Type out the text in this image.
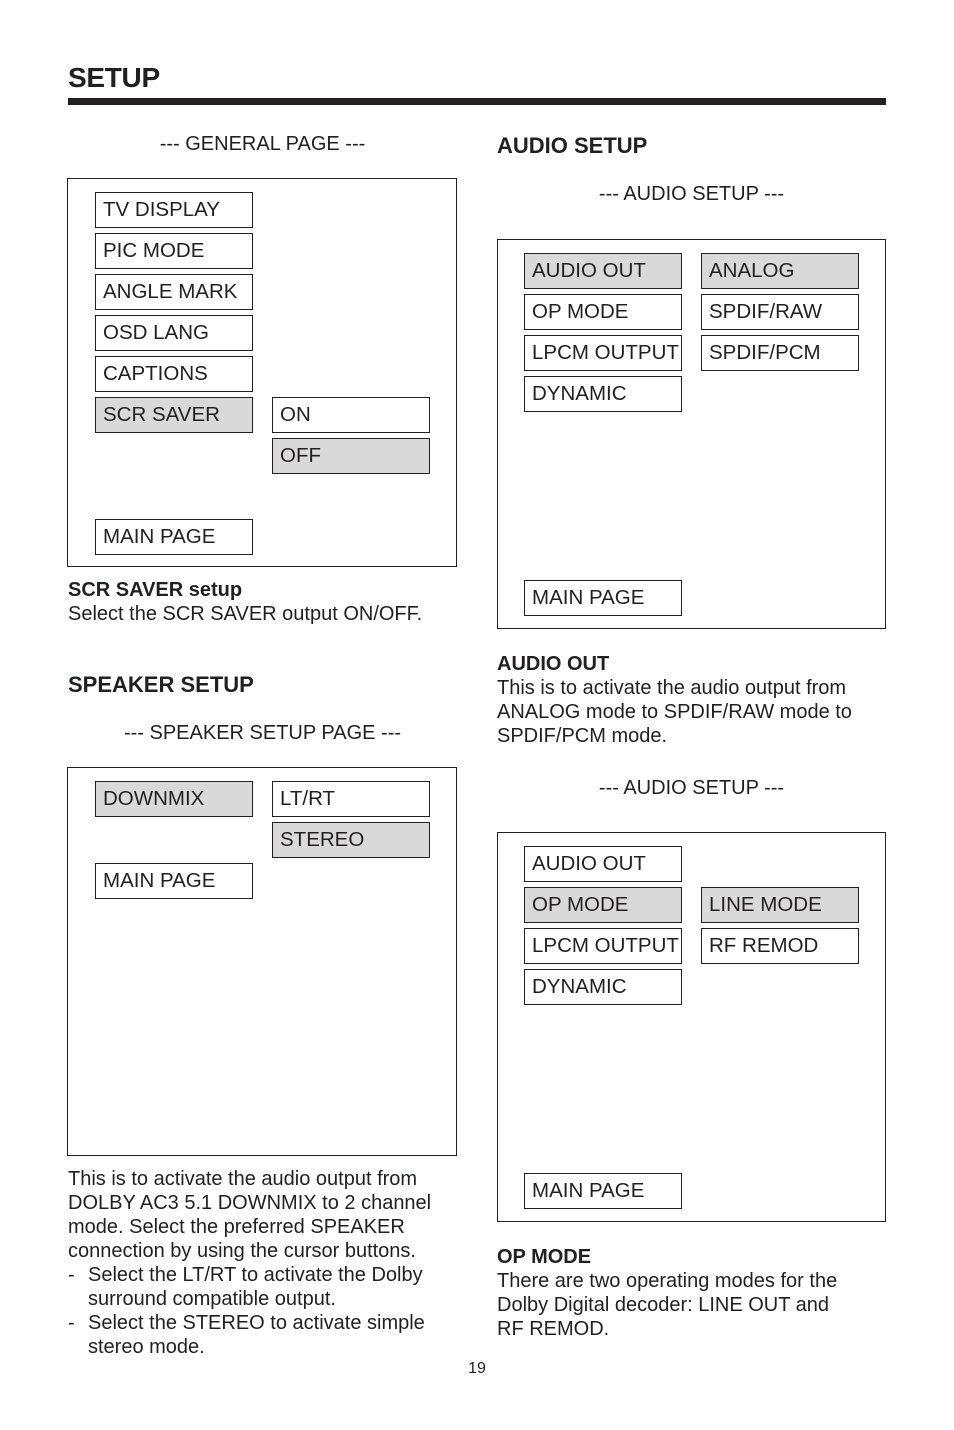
SETUP
--- GENERAL PAGE ---
TV DISPLAY
PIC MODE
ANGLE MARK
OSD LANG
CAPTIONS
SCR SAVER	ON
OFF
MAIN PAGE
SCR SAVER setup
Select the SCR SAVER output ON/OFF.
SPEAKER SETUP
--- SPEAKER SETUP PAGE ---
DOWNMIX	LT/RT
STEREO
MAIN PAGE
This is to activate the audio output from
DOLBY AC3 5.1 DOWNMIX to 2 channel
mode. Select the preferred SPEAKER
connection by using the cursor buttons.
- Select the LT/RT to activate the Dolby
surround compatible output.
- Select the STEREO to activate simple
stereo mode.
AUDIO SETUP
--- AUDIO SETUP ---
AUDIO OUT
OP MODE
LPCM OUTPUT
DYNAMIC
ANALOG
SPDIF/RAW
SPDIF/PCM
MAIN PAGE
AUDIO OUT
This is to activate the audio output from
ANALOG mode to SPDIF/RAW mode to
SPDIF/PCM mode.
--- AUDIO SETUP ---
AUDIO OUT
OP MODE
LPCM OUTPUT
DYNAMIC
LINE MODE
RF REMOD
MAIN PAGE
OP MODE
There are two operating modes for the
Dolby Digital decoder: LINE OUT and
RF REMOD.
19
